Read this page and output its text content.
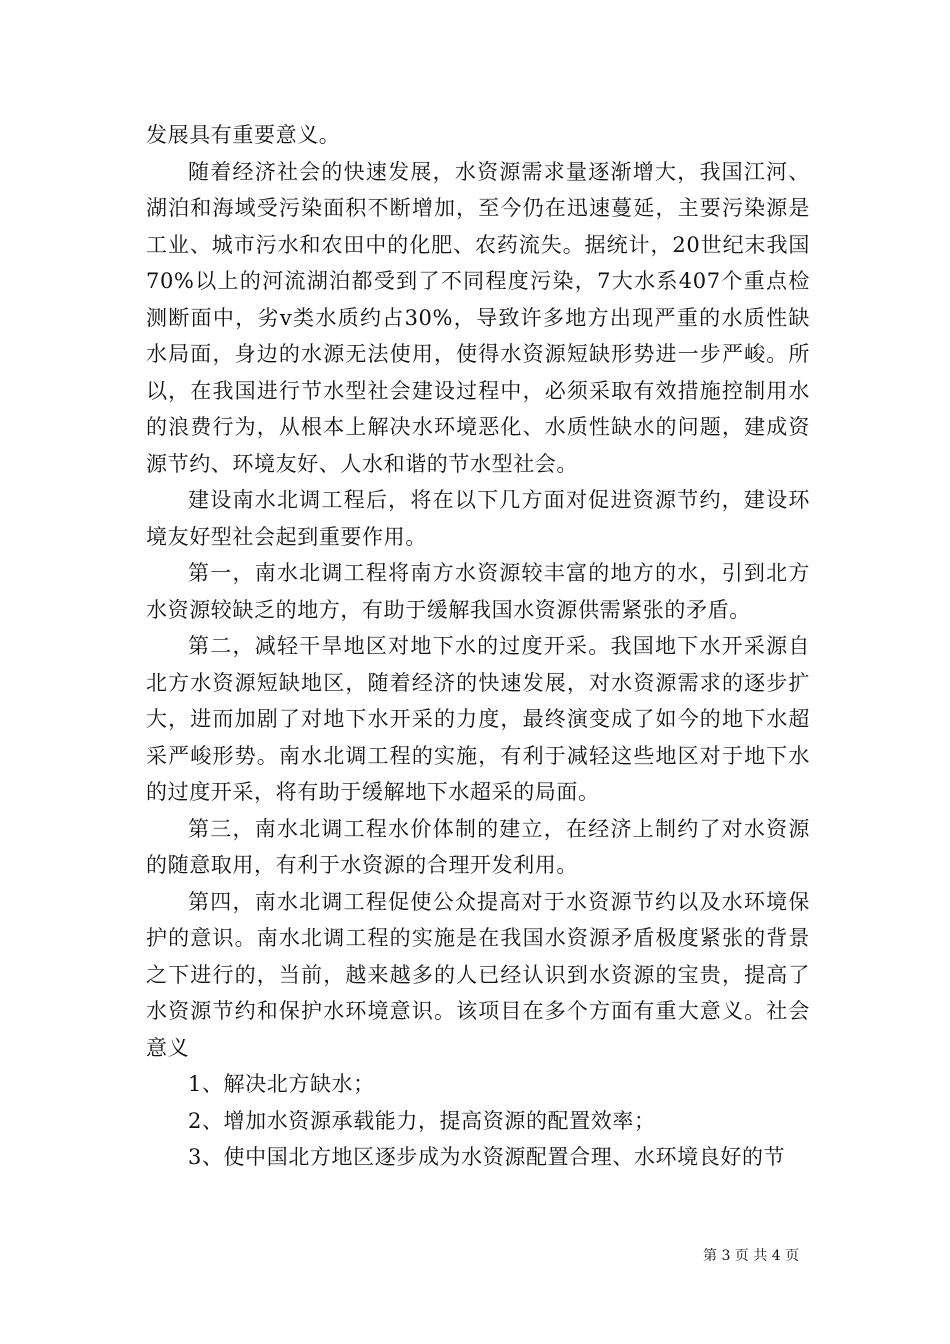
发展具有重要意义。

随着经济社会的快速发展，水资源需求量逐渐增大，我国江河、湖泊和海域受污染面积不断增加，至今仍在迅速蔓延，主要污染源是工业、城市污水和农田中的化肥、农药流失。据统计，20世纪末我国70%以上的河流湖泊都受到了不同程度污染，7大水系407个重点检测断面中，劣ⅴ类水质约占30%，导致许多地方出现严重的水质性缺水局面，身边的水源无法使用，使得水资源短缺形势进一步严峻。所以，在我国进行节水型社会建设过程中，必须采取有效措施控制用水的浪费行为，从根本上解决水环境恶化、水质性缺水的问题，建成资源节约、环境友好、人水和谐的节水型社会。

建设南水北调工程后，将在以下几方面对促进资源节约，建设环境友好型社会起到重要作用。

第一，南水北调工程将南方水资源较丰富的地方的水，引到北方水资源较缺乏的地方，有助于缓解我国水资源供需紧张的矛盾。

第二，减轻干旱地区对地下水的过度开采。我国地下水开采源自北方水资源短缺地区，随着经济的快速发展，对水资源需求的逐步扩大，进而加剧了对地下水开采的力度，最终演变成了如今的地下水超采严峻形势。南水北调工程的实施，有利于减轻这些地区对于地下水的过度开采，将有助于缓解地下水超采的局面。

第三，南水北调工程水价体制的建立，在经济上制约了对水资源的随意取用，有利于水资源的合理开发利用。

第四，南水北调工程促使公众提高对于水资源节约以及水环境保护的意识。南水北调工程的实施是在我国水资源矛盾极度紧张的背景之下进行的，当前，越来越多的人已经认识到水资源的宝贵，提高了水资源节约和保护水环境意识。该项目在多个方面有重大意义。社会意义

1、解决北方缺水；

2、增加水资源承载能力，提高资源的配置效率；

3、使中国北方地区逐步成为水资源配置合理、水环境良好的节

第 3 页 共 4 页
